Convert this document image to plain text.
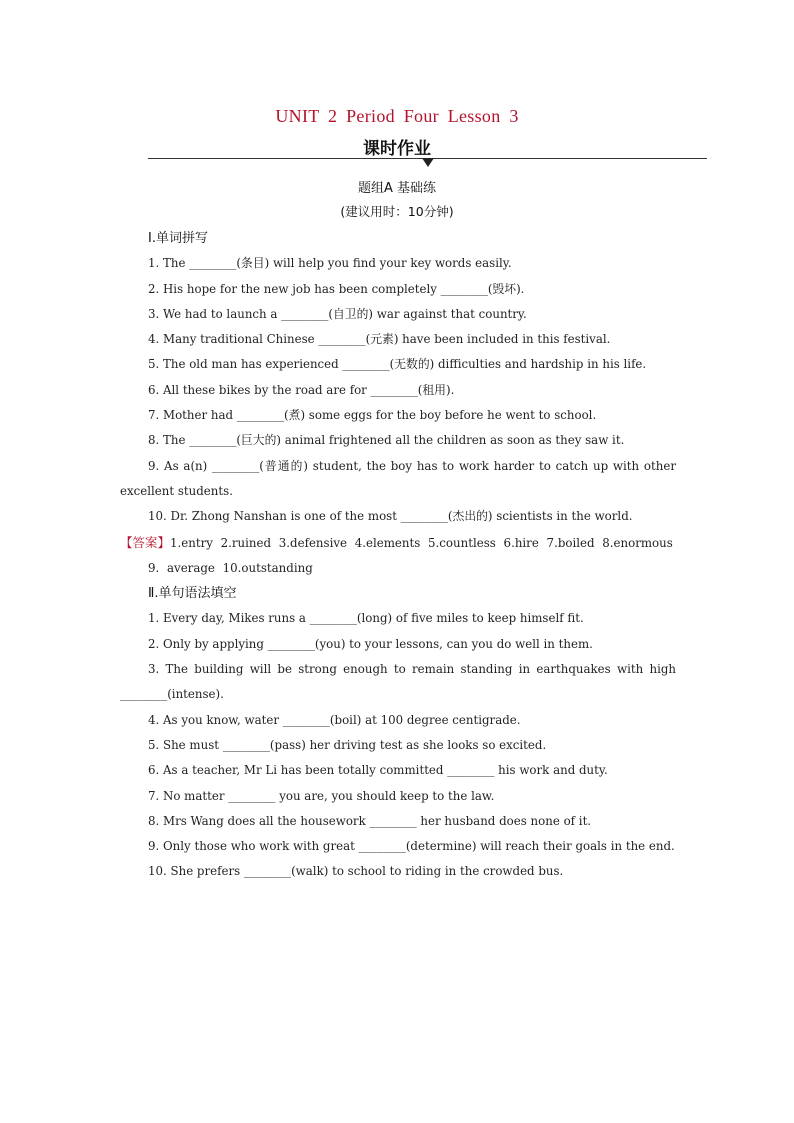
UNIT 2 Period Four Lesson 3
课时作业
题组A 基础练
(建议用时：10分钟)
Ⅰ.单词拼写

1. The ________(条目) will help you find your key words easily.

2. His hope for the new job has been completely ________(毁坏).

3. We had to launch a ________(自卫的) war against that country.

4. Many traditional Chinese ________(元素) have been included in this festival.

5. The old man has experienced ________(无数的) difficulties and hardship in his life.

6. All these bikes by the road are for ________(租用).

7. Mother had ________(煮) some eggs for the boy before he went to school.

8. The ________(巨大的) animal frightened all the children as soon as they saw it.

9. As a(n) ________(普通的) student, the boy has to work harder to catch up with other excellent students.

10. Dr. Zhong Nanshan is one of the most ________(杰出的) scientists in the world.

【答案】1.entry 2.ruined 3.defensive 4.elements 5.countless 6.hire 7.boiled 8.enormous

9. average 10.outstanding

Ⅱ.单句语法填空

1. Every day, Mikes runs a ________(long) of five miles to keep himself fit.

2. Only by applying ________(you) to your lessons, can you do well in them.

3. The building will be strong enough to remain standing in earthquakes with high ________(intense).

4. As you know, water ________(boil) at 100 degree centigrade.

5. She must ________(pass) her driving test as she looks so excited.

6. As a teacher, Mr Li has been totally committed ________ his work and duty.

7. No matter ________ you are, you should keep to the law.

8. Mrs Wang does all the housework ________ her husband does none of it.

9. Only those who work with great ________(determine) will reach their goals in the end.

10. She prefers ________(walk) to school to riding in the crowded bus.
